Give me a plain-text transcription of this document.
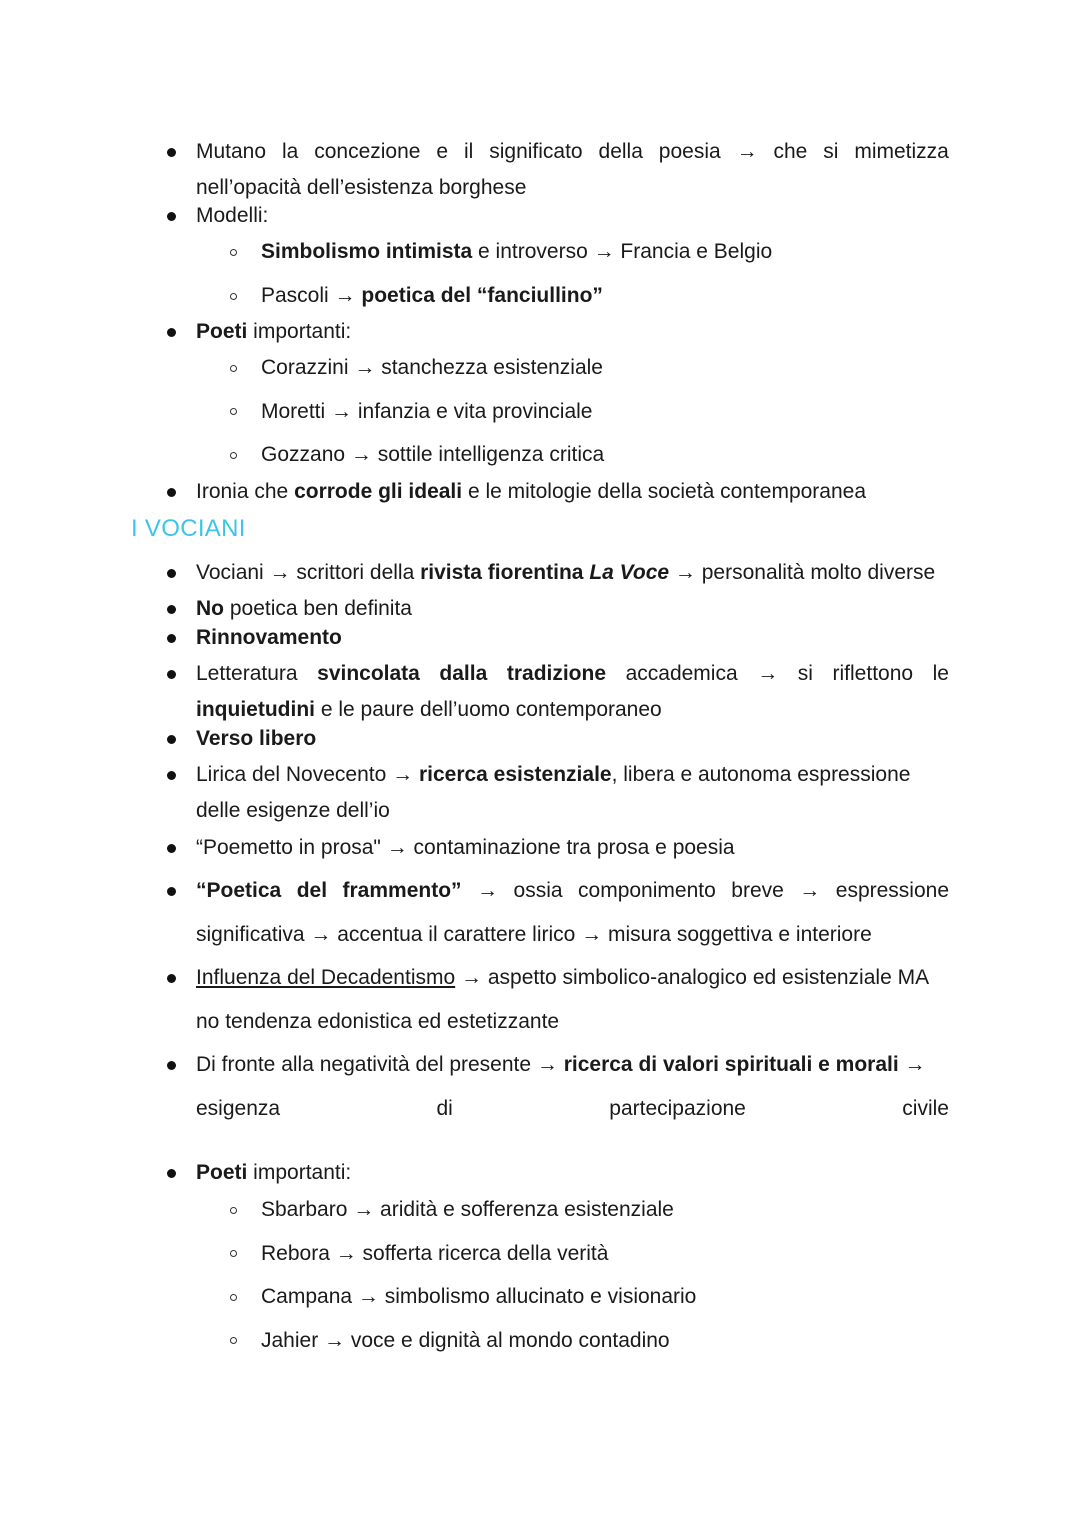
Mutano la concezione e il significato della poesia → che si mimetizza
nell’opacità dell’esistenza borghese
Modelli:
Simbolismo intimista e introverso → Francia e Belgio
Pascoli → poetica del “fanciullino”
Poeti importanti:
Corazzini → stanchezza esistenziale
Moretti → infanzia e vita provinciale
Gozzano → sottile intelligenza critica
Ironia che corrode gli ideali e le mitologie della società contemporanea
I VOCIANI
Vociani → scrittori della rivista fiorentina La Voce → personalità molto diverse
No poetica ben definita
Rinnovamento
Letteratura svincolata dalla tradizione accademica → si riflettono le
inquietudini e le paure dell’uomo contemporaneo
Verso libero
Lirica del Novecento → ricerca esistenziale, libera e autonoma espressione
delle esigenze dell’io
“Poemetto in prosa" → contaminazione tra prosa e poesia
“Poetica del frammento” → ossia componimento breve → espressione
significativa → accentua il carattere lirico → misura soggettiva e interiore
Influenza del Decadentismo → aspetto simbolico-analogico ed esistenziale MA
no tendenza edonistica ed estetizzante
Di fronte alla negatività del presente → ricerca di valori spirituali e morali →
esigenza	di	partecipazione	civile
Poeti importanti:
Sbarbaro → aridità e sofferenza esistenziale
Rebora → sofferta ricerca della verità
Campana → simbolismo allucinato e visionario
Jahier → voce e dignità al mondo contadino
